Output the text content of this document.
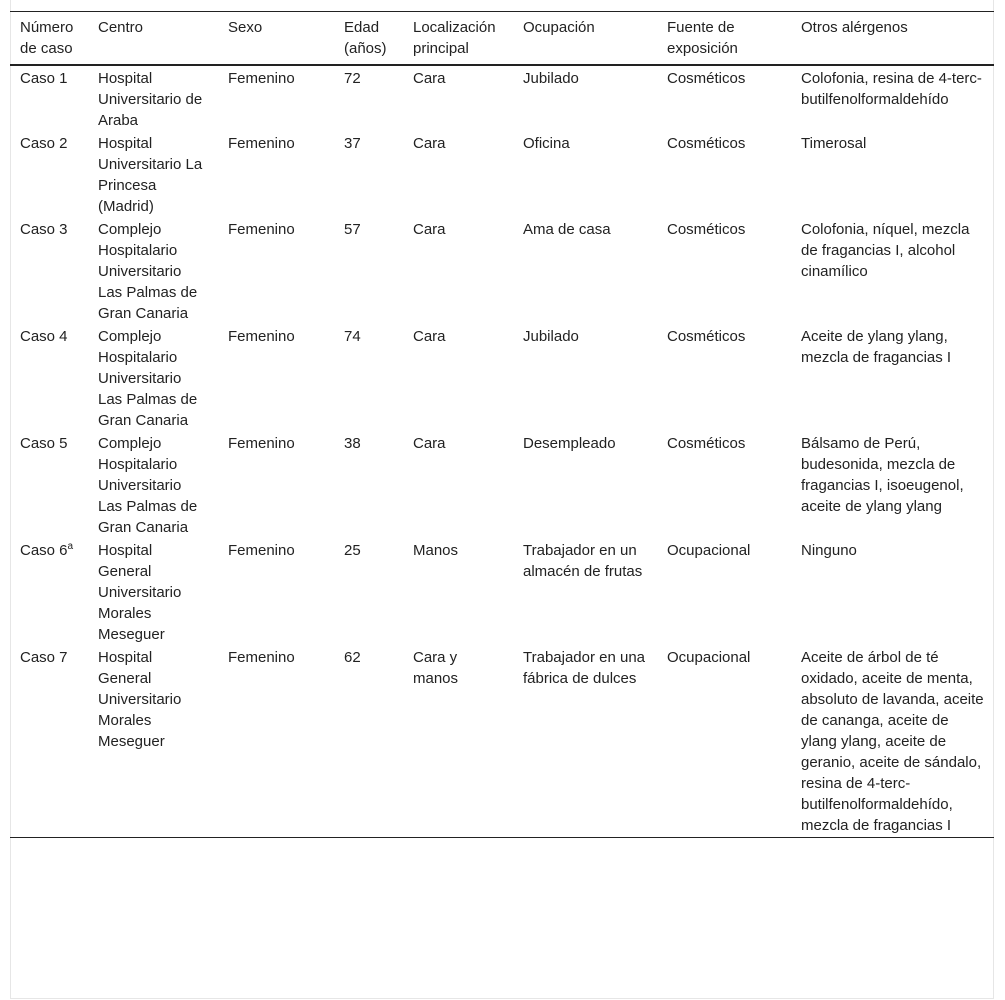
Número de caso	Centro	Sexo	Edad (años)	Localización principal	Ocupación	Fuente de exposición	Otros alérgenos
Caso 1	Hospital Universitario de Araba	Femenino	72	Cara	Jubilado	Cosméticos	Colofonia, resina de 4-terc-butilfenolformaldehído
Caso 2	Hospital Universitario La Princesa (Madrid)	Femenino	37	Cara	Oficina	Cosméticos	Timerosal
Caso 3	Complejo Hospitalario Universitario Las Palmas de Gran Canaria	Femenino	57	Cara	Ama de casa	Cosméticos	Colofonia, níquel, mezcla de fragancias I, alcohol cinamílico
Caso 4	Complejo Hospitalario Universitario Las Palmas de Gran Canaria	Femenino	74	Cara	Jubilado	Cosméticos	Aceite de ylang ylang, mezcla de fragancias I
Caso 5	Complejo Hospitalario Universitario Las Palmas de Gran Canaria	Femenino	38	Cara	Desempleado	Cosméticos	Bálsamo de Perú, budesonida, mezcla de fragancias I, isoeugenol, aceite de ylang ylang
Caso 6$^a$	Hospital General Universitario Morales Meseguer	Femenino	25	Manos	Trabajador en un almacén de frutas	Ocupacional	Ninguno
Caso 7	Hospital General Universitario Morales Meseguer	Femenino	62	Cara y manos	Trabajador en una fábrica de dulces	Ocupacional	Aceite de árbol de té oxidado, aceite de menta, absoluto de lavanda, aceite de cananga, aceite de ylang ylang, aceite de geranio, aceite de sándalo, resina de 4-terc-butilfenolformaldehído, mezcla de fragancias I
